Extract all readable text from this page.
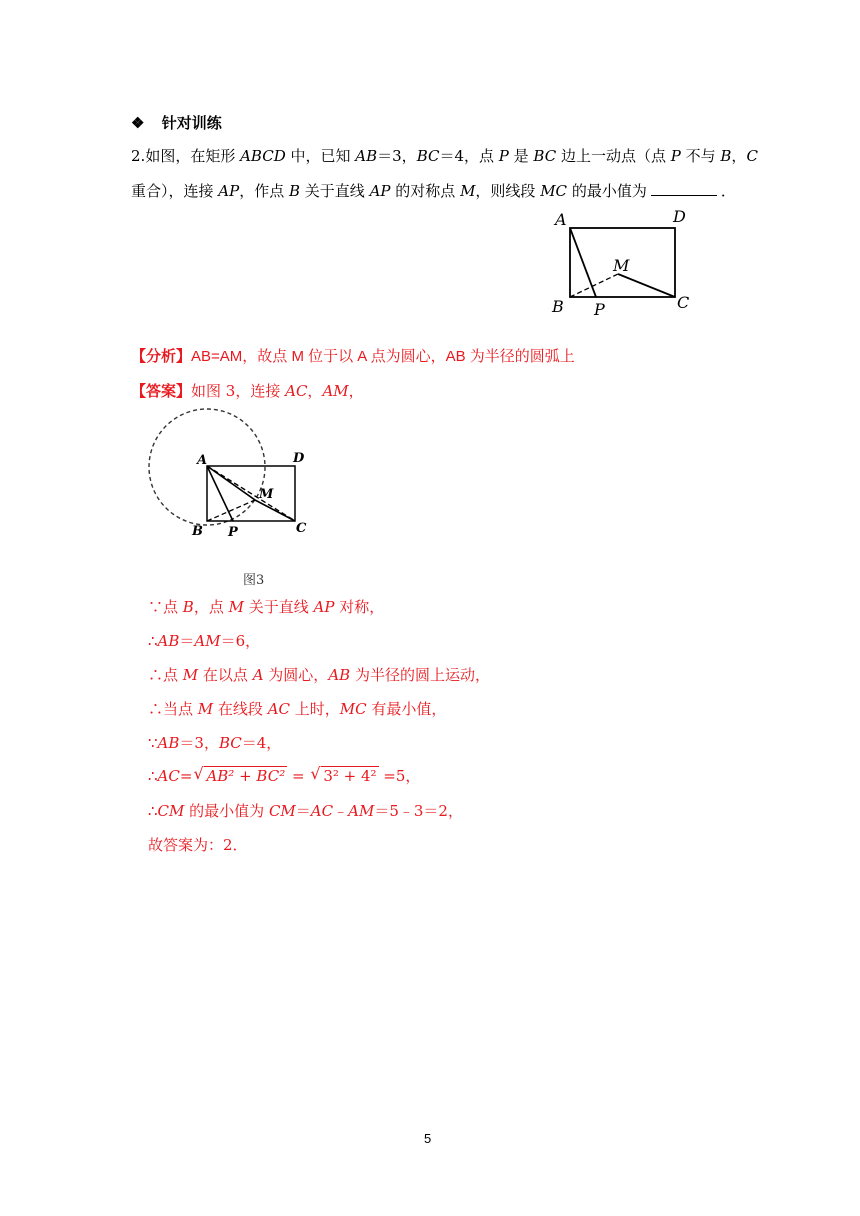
❖ 针对训练
2.如图，在矩形 ABCD 中，已知 AB＝3，BC＝4，点 P 是 BC 边上一动点（点 P 不与 B，C
重合），连接 AP，作点 B 关于直线 AP 的对称点 M，则线段 MC 的最小值为	．
A	D
M
B P	C
【分析】AB=AM，故点 M 位于以 A 点为圆心，AB 为半径的圆弧上
【答案】如图 3，连接 AC，AM，
A	D
M
B P	C
图3
∵点 B，点 M 关于直线 AP 对称，
∴AB＝AM＝6，
∴点 M 在以点 A 为圆心，AB 为半径的圆上运动，
∴当点 M 在线段 AC 上时，MC 有最小值，
∵AB＝3，BC＝4，
∴AC= √ AB² + BC² = √ 3² + 4² =5，
∴CM 的最小值为 CM＝AC﹣AM＝5﹣3＝2，
故答案为：2．
5
